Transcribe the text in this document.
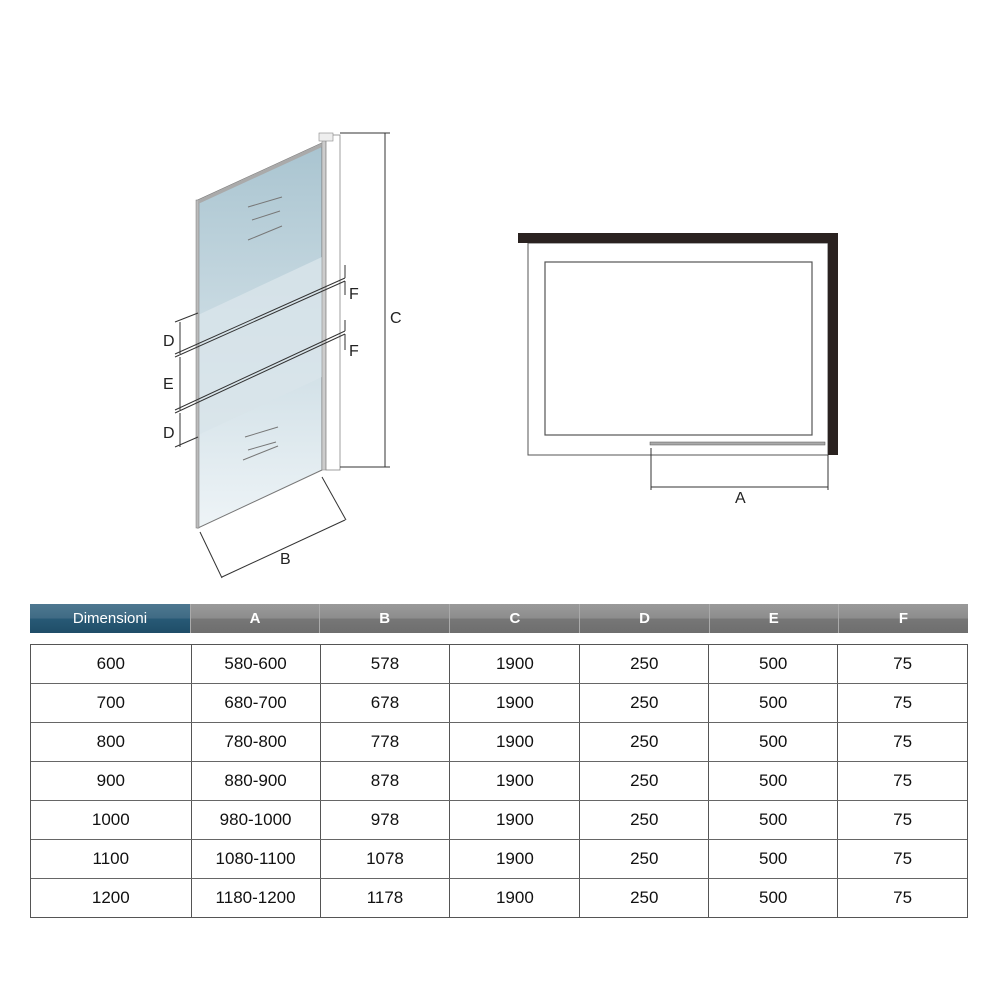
D
E
D
F
F
C
B
A
Dimensioni	A	B	C	D	E	F
600	580-600	578	1900	250	500	75
700	680-700	678	1900	250	500	75
800	780-800	778	1900	250	500	75
900	880-900	878	1900	250	500	75
1000	980-1000	978	1900	250	500	75
1100	1080-1100	1078	1900	250	500	75
1200	1180-1200	1178	1900	250	500	75
